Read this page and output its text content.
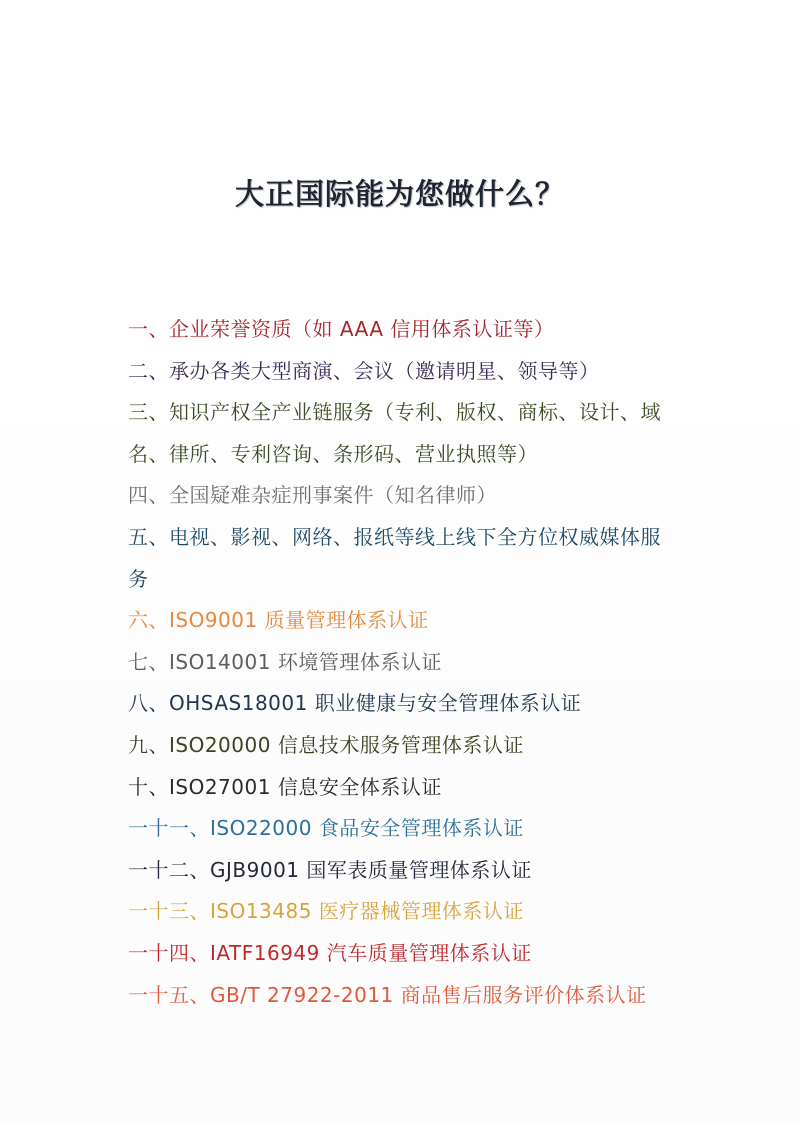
大正国际能为您做什么？
一、企业荣誉资质（如 AAA 信用体系认证等）
二、承办各类大型商演、会议（邀请明星、领导等）
三、知识产权全产业链服务（专利、版权、商标、设计、域
名、律所、专利咨询、条形码、营业执照等）
四、全国疑难杂症刑事案件（知名律师）
五、电视、影视、网络、报纸等线上线下全方位权威媒体服
务
六、ISO9001 质量管理体系认证
七、ISO14001 环境管理体系认证
八、OHSAS18001 职业健康与安全管理体系认证
九、ISO20000 信息技术服务管理体系认证
十、ISO27001 信息安全体系认证
一十一、ISO22000 食品安全管理体系认证
一十二、GJB9001 国军表质量管理体系认证
一十三、ISO13485 医疗器械管理体系认证
一十四、IATF16949 汽车质量管理体系认证
一十五、GB/T 27922-2011 商品售后服务评价体系认证
